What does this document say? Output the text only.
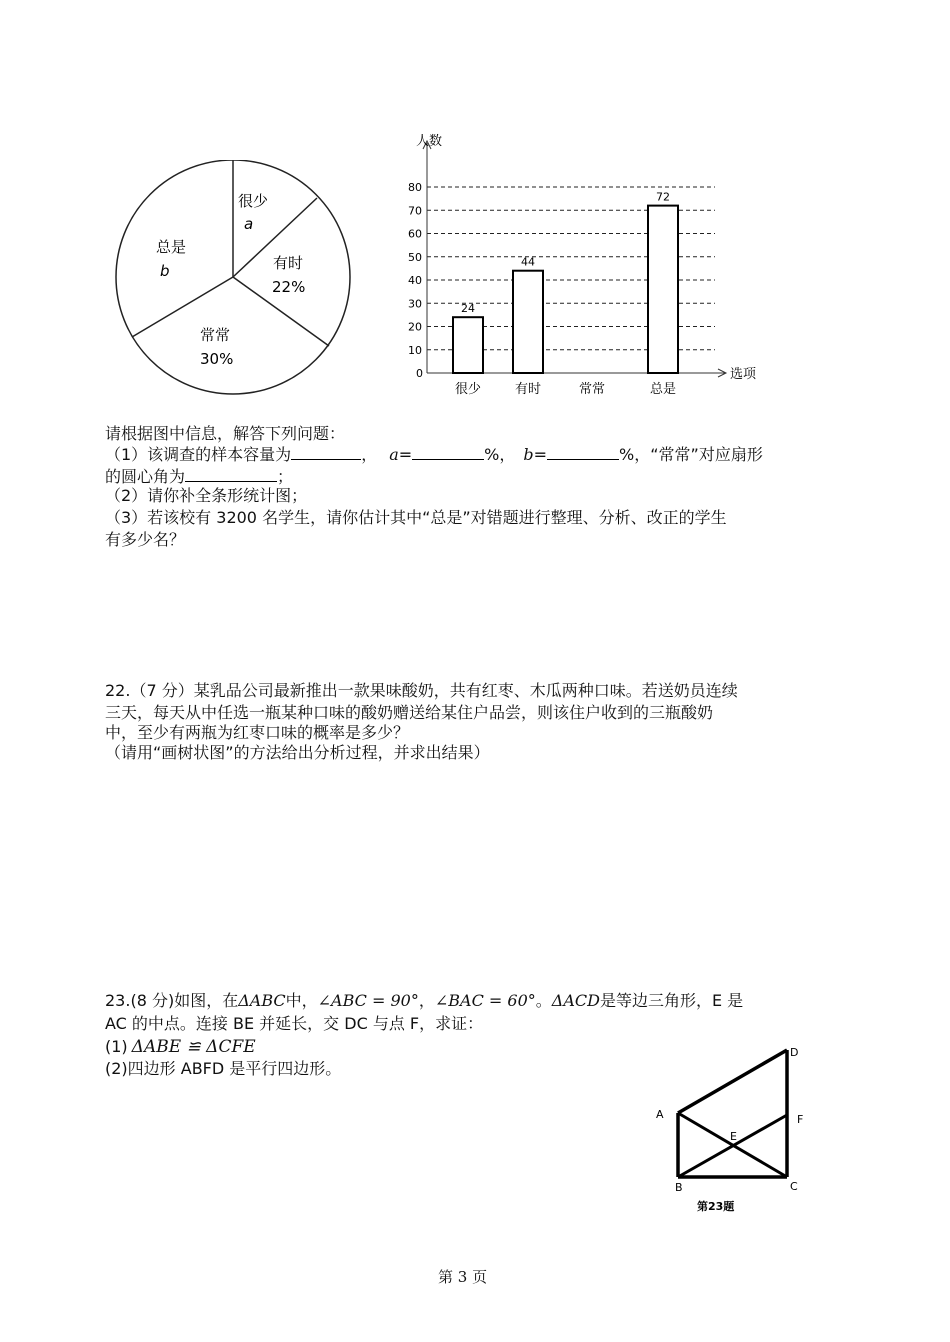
很少
a
有时
22%
常常
30%
总是
b
人数
选项
0
10
20
30
40
50
60
70
80
很少
24
有时
44
常常	总是
72
请根据图中信息，解答下列问题：
（1）该调查的样本容量为	， a=	%， b=	%，“常常”对应扇形
的圆心角为	；
（2）请你补全条形统计图；
（3）若该校有 3200 名学生，请你估计其中“总是”对错题进行整理、分析、改正的学生
有多少名？
22.（7 分）某乳品公司最新推出一款果味酸奶，共有红枣、木瓜两种口味。若送奶员连续
三天，每天从中任选一瓶某种口味的酸奶赠送给某住户品尝，则该住户收到的三瓶酸奶
中，至少有两瓶为红枣口味的概率是多少？
（请用“画树状图”的方法给出分析过程，并求出结果）
23.(8 分)如图，在ΔABC中，∠ABC = 90°，∠BAC = 60°。ΔACD是等边三角形，E 是
AC 的中点。连接 BE 并延长，交 DC 与点 F，求证：
(1) ΔABE ≌ ΔCFE
(2)四边形 ABFD 是平行四边形。
A
B	C
D
E
F
第23题
第 3 页
